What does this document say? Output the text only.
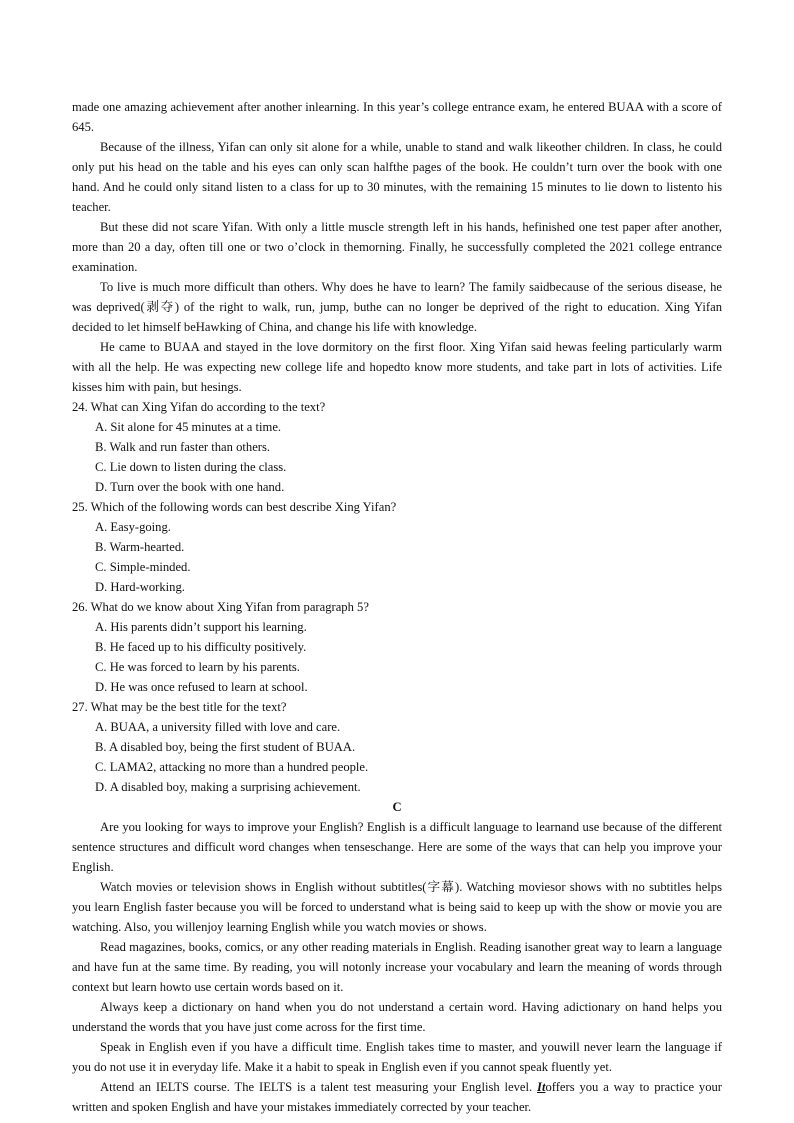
made one amazing achievement after another inlearning. In this year’s college entrance exam, he entered BUAA with a score of 645.

Because of the illness, Yifan can only sit alone for a while, unable to stand and walk likeother children. In class, he could only put his head on the table and his eyes can only scan halfthe pages of the book. He couldn’t turn over the book with one hand. And he could only sitand listen to a class for up to 30 minutes, with the remaining 15 minutes to lie down to listento his teacher.

But these did not scare Yifan. With only a little muscle strength left in his hands, hefinished one test paper after another, more than 20 a day, often till one or two o’clock in themorning. Finally, he successfully completed the 2021 college entrance examination.

To live is much more difficult than others. Why does he have to learn? The family saidbecause of the serious disease, he was deprived(剥夺) of the right to walk, run, jump, buthe can no longer be deprived of the right to education. Xing Yifan decided to let himself beHawking of China, and change his life with knowledge.

He came to BUAA and stayed in the love dormitory on the first floor. Xing Yifan said hewas feeling particularly warm with all the help. He was expecting new college life and hopedto know more students, and take part in lots of activities. Life kisses him with pain, but hesings.

24. What can Xing Yifan do according to the text?

A. Sit alone for 45 minutes at a time.
B. Walk and run faster than others.
C. Lie down to listen during the class.
D. Turn over the book with one hand.

25. Which of the following words can best describe Xing Yifan?

A. Easy-going.
B. Warm-hearted.
C. Simple-minded.
D. Hard-working.

26. What do we know about Xing Yifan from paragraph 5?

A. His parents didn’t support his learning.
B. He faced up to his difficulty positively.
C. He was forced to learn by his parents.
D. He was once refused to learn at school.

27. What may be the best title for the text?

A. BUAA, a university filled with love and care.
B. A disabled boy, being the first student of BUAA.
C. LAMA2, attacking no more than a hundred people.
D. A disabled boy, making a surprising achievement.

C

Are you looking for ways to improve your English? English is a difficult language to learnand use because of the different sentence structures and difficult word changes when tenseschange. Here are some of the ways that can help you improve your English.

Watch movies or television shows in English without subtitles(字幕). Watching moviesor shows with no subtitles helps you learn English faster because you will be forced to understand what is being said to keep up with the show or movie you are watching. Also, you willenjoy learning English while you watch movies or shows.

Read magazines, books, comics, or any other reading materials in English. Reading isanother great way to learn a language and have fun at the same time. By reading, you will notonly increase your vocabulary and learn the meaning of words through context but learn howto use certain words based on it.

Always keep a dictionary on hand when you do not understand a certain word. Having adictionary on hand helps you understand the words that you have just come across for the first time.

Speak in English even if you have a difficult time. English takes time to master, and youwill never learn the language if you do not use it in everyday life. Make it a habit to speak in English even if you cannot speak fluently yet.

Attend an IELTS course. The IELTS is a talent test measuring your English level. Itoffers you a way to practice your written and spoken English and have your mistakes immediately corrected by your teacher.
